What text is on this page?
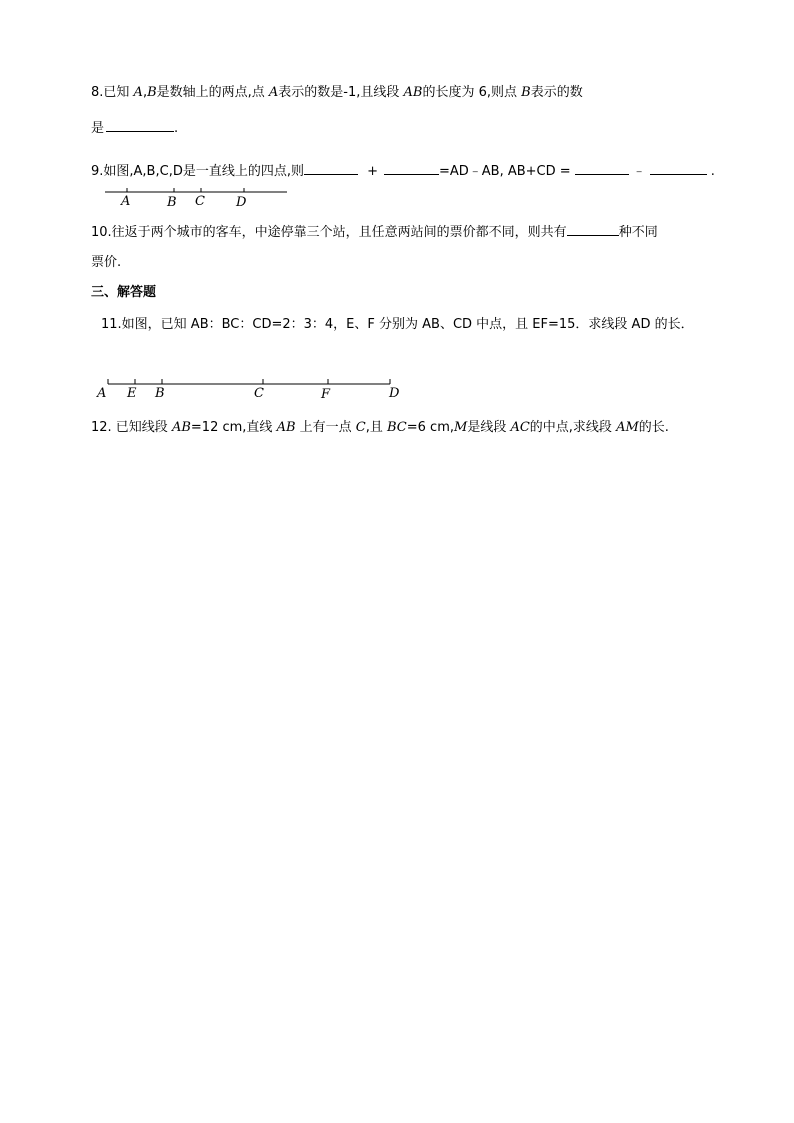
8.已知 A,B是数轴上的两点,点 A表示的数是-1,且线段 AB的长度为 6,则点 B表示的数
是	.
9.如图,A,B,C,D是一直线上的四点,则	+	=AD﹣AB, AB+CD =	﹣	.
A	B C D
10.往返于两个城市的客车，中途停靠三个站，且任意两站间的票价都不同，则共有	种不同
票价.
三、解答题
11.如图，已知 AB：BC：CD=2：3：4，E、F 分别为 AB、CD 中点，且 EF=15．求线段 AD 的长．
A E B	C	F	D
12. 已知线段 AB=12 cm,直线 AB 上有一点 C,且 BC=6 cm,M是线段 AC的中点,求线段 AM的长.
